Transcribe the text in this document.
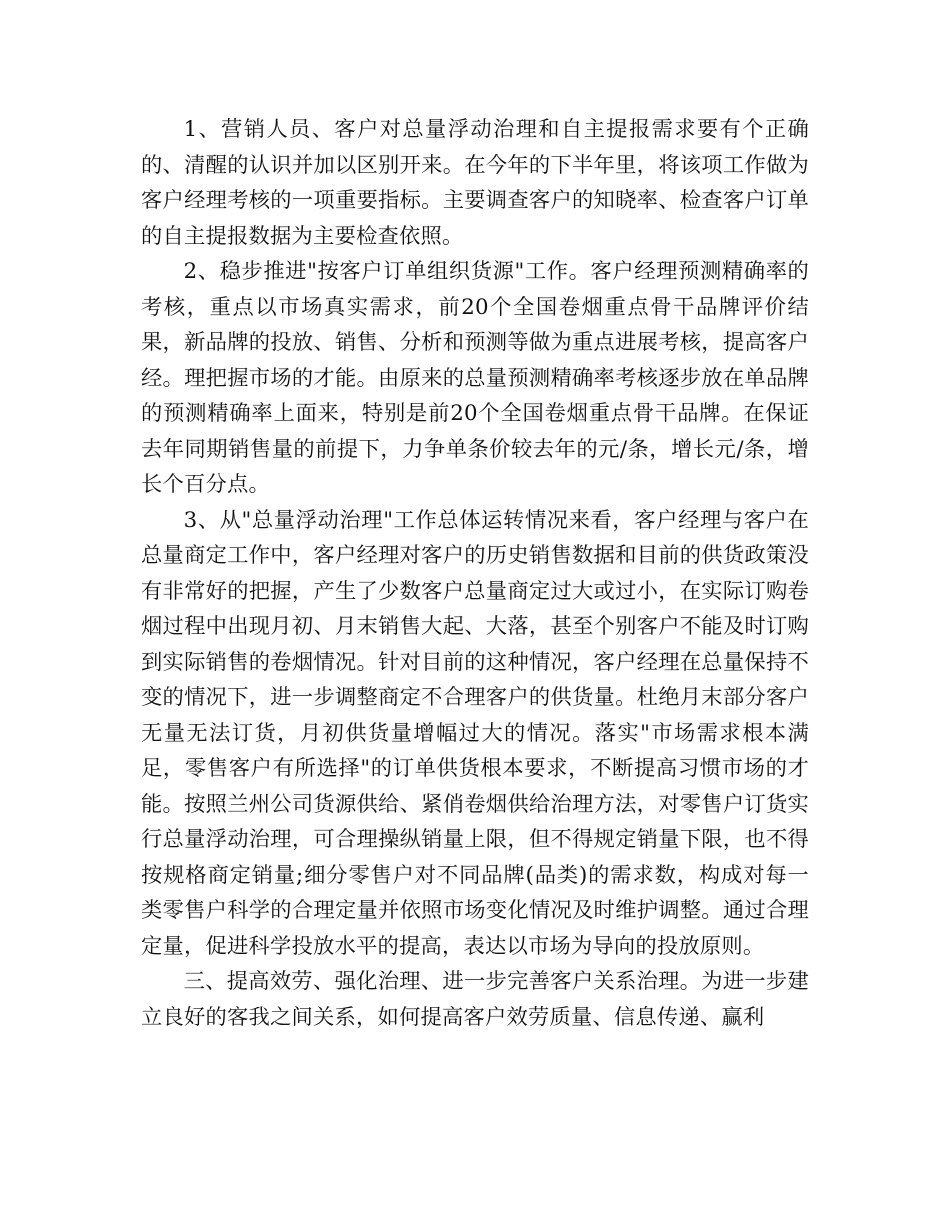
1、营销人员、客户对总量浮动治理和自主提报需求要有个正确的、清醒的认识并加以区别开来。在今年的下半年里，将该项工作做为客户经理考核的一项重要指标。主要调查客户的知晓率、检查客户订单的自主提报数据为主要检查依照。

2、稳步推进"按客户订单组织货源"工作。客户经理预测精确率的考核，重点以市场真实需求，前20个全国卷烟重点骨干品牌评价结果，新品牌的投放、销售、分析和预测等做为重点进展考核，提高客户经。理把握市场的才能。由原来的总量预测精确率考核逐步放在单品牌的预测精确率上面来，特别是前20个全国卷烟重点骨干品牌。在保证去年同期销售量的前提下，力争单条价较去年的元/条，增长元/条，增长个百分点。

3、从"总量浮动治理"工作总体运转情况来看，客户经理与客户在总量商定工作中，客户经理对客户的历史销售数据和目前的供货政策没有非常好的把握，产生了少数客户总量商定过大或过小，在实际订购卷烟过程中出现月初、月末销售大起、大落，甚至个别客户不能及时订购到实际销售的卷烟情况。针对目前的这种情况，客户经理在总量保持不变的情况下，进一步调整商定不合理客户的供货量。杜绝月末部分客户无量无法订货，月初供货量增幅过大的情况。落实"市场需求根本满足，零售客户有所选择"的订单供货根本要求，不断提高习惯市场的才能。按照兰州公司货源供给、紧俏卷烟供给治理方法，对零售户订货实行总量浮动治理，可合理操纵销量上限，但不得规定销量下限，也不得按规格商定销量;细分零售户对不同品牌(品类)的需求数，构成对每一类零售户科学的合理定量并依照市场变化情况及时维护调整。通过合理定量，促进科学投放水平的提高，表达以市场为导向的投放原则。

三、提高效劳、强化治理、进一步完善客户关系治理。为进一步建立良好的客我之间关系，如何提高客户效劳质量、信息传递、赢利
